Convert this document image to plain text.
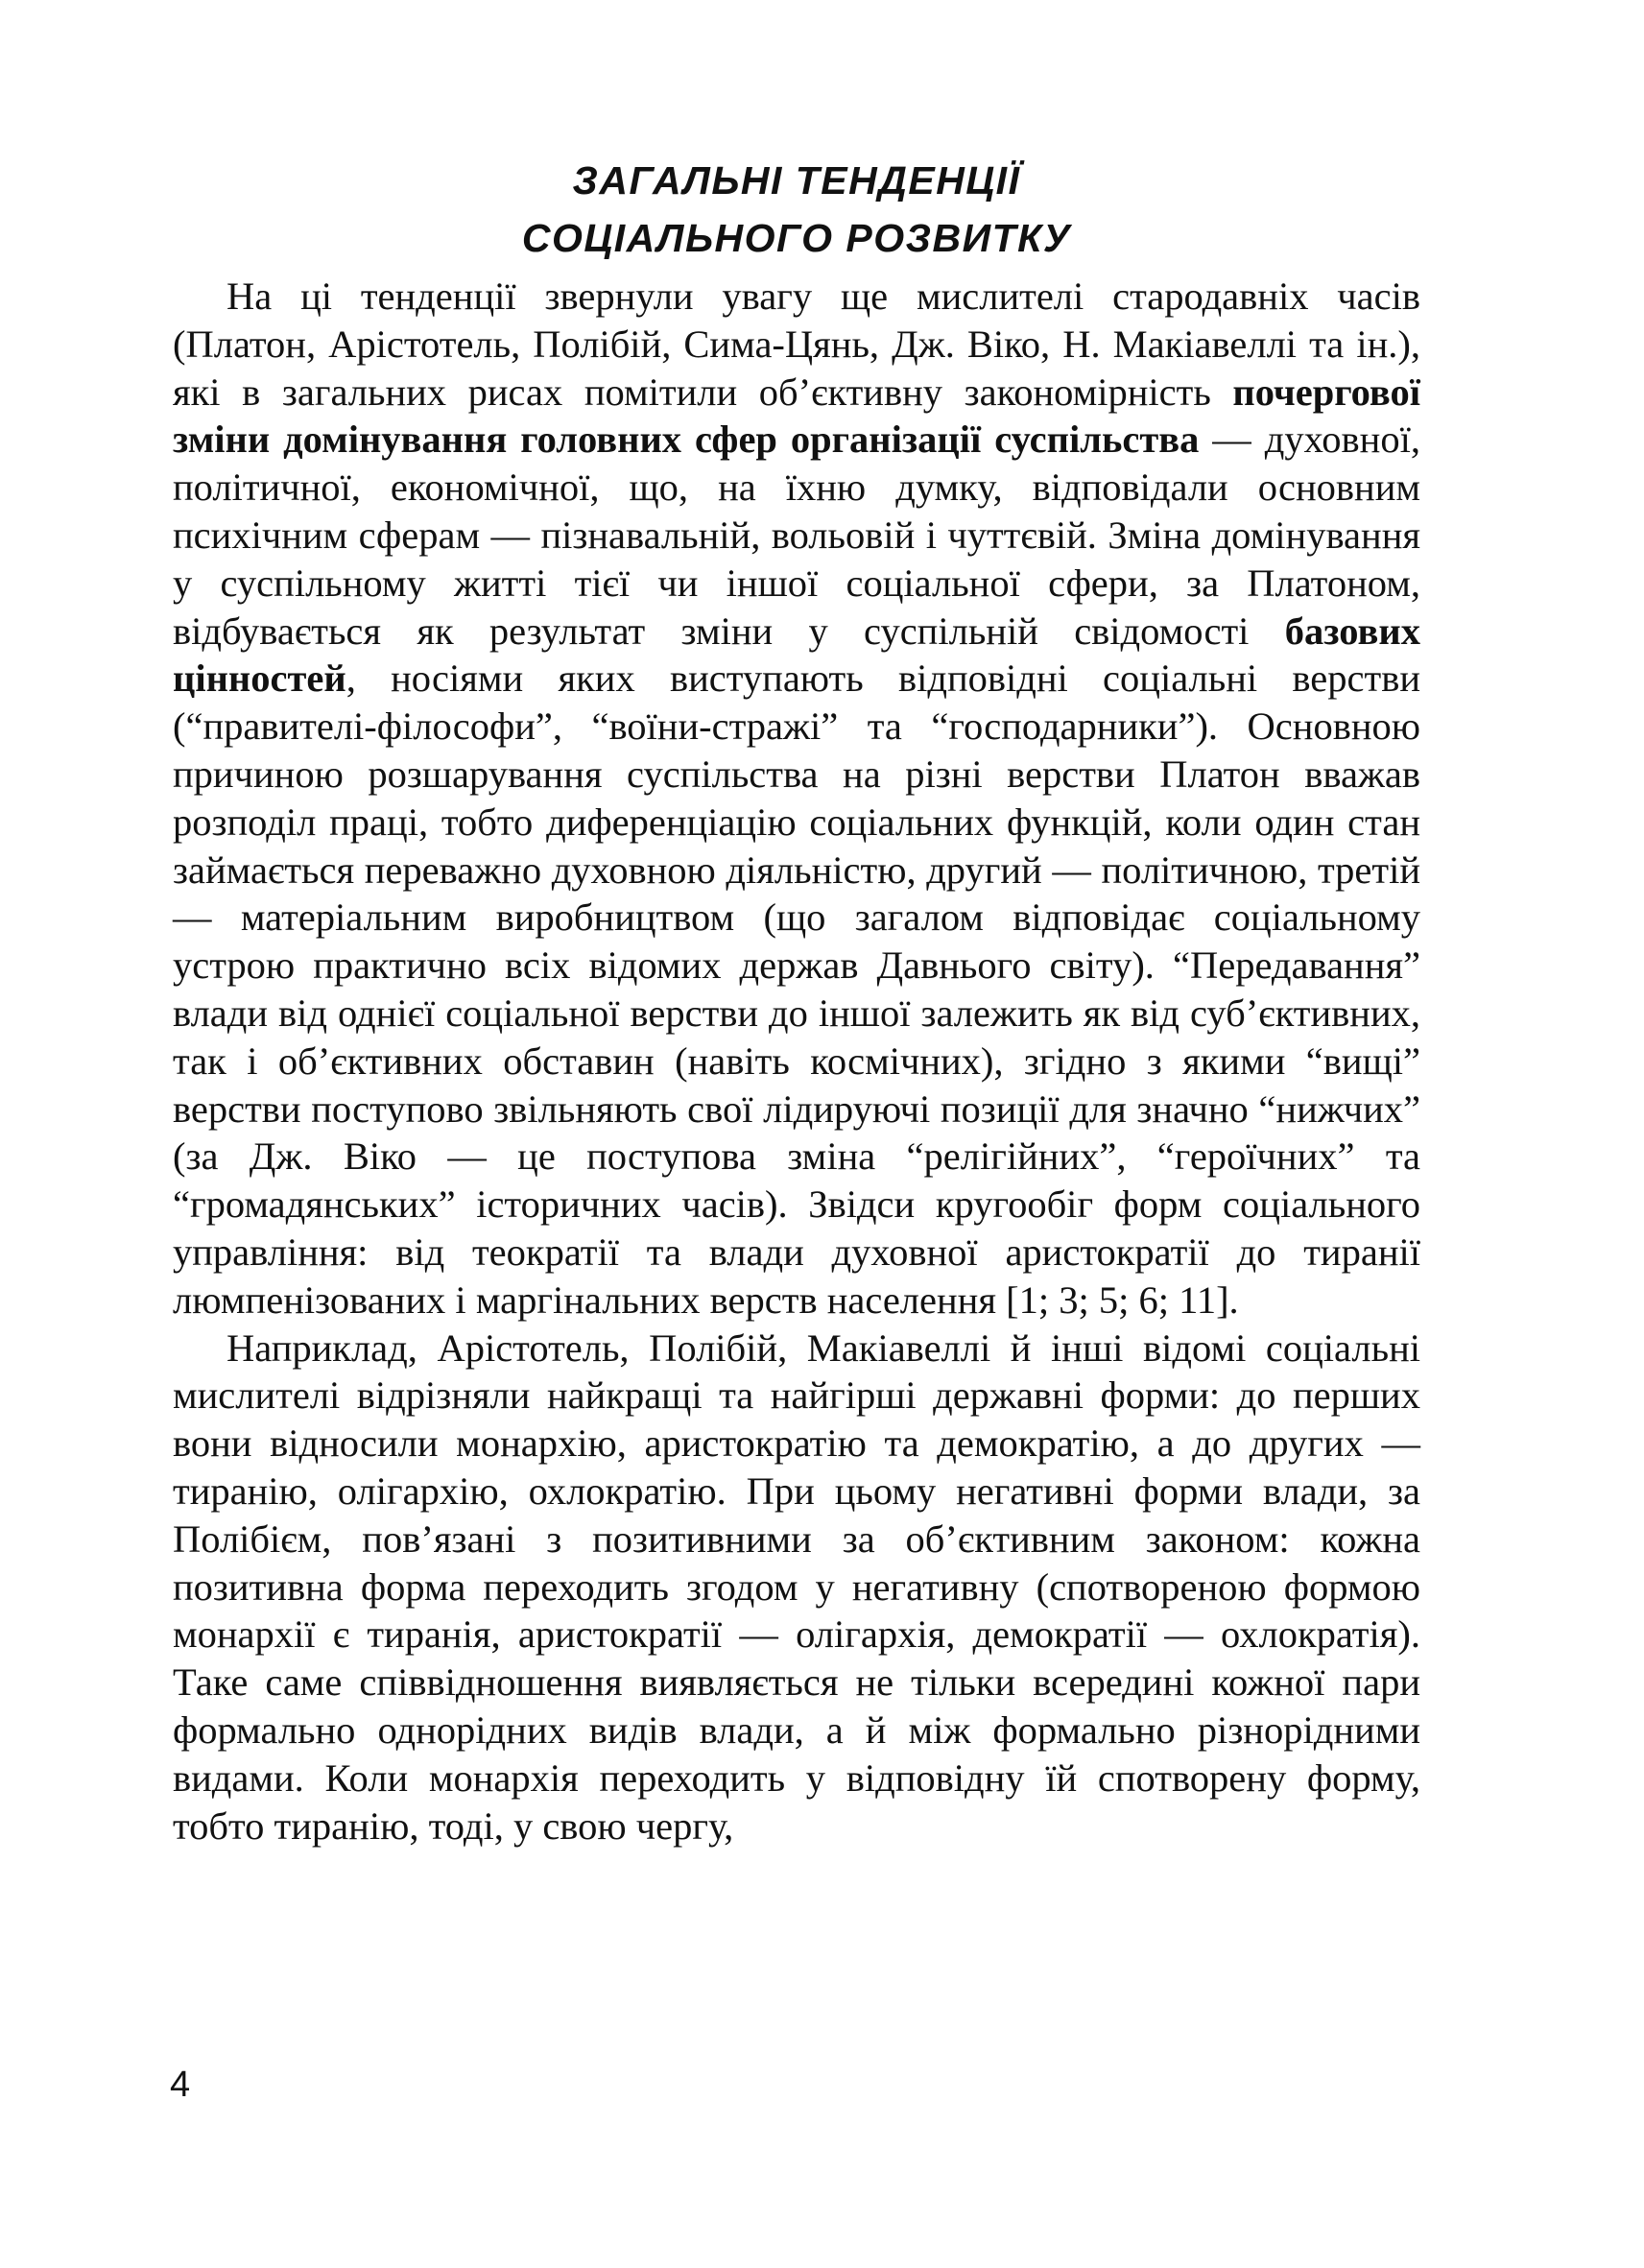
ЗАГАЛЬНІ ТЕНДЕНЦІЇ
СОЦІАЛЬНОГО РОЗВИТКУ

На ці тенденції звернули увагу ще мислителі стародавніх часів (Платон, Арістотель, Полібій, Сима-Цянь, Дж. Віко, Н. Макіавеллі та ін.), які в загальних рисах помітили об’єктивну закономірність почергової зміни домінування головних сфер організації суспільства — духовної, політичної, економічної, що, на їхню думку, відповідали основним психічним сферам — пізнавальній, вольовій і чуттєвій. Зміна домінування у суспільному житті тієї чи іншої соціальної сфери, за Платоном, відбувається як результат зміни у суспільній свідомості базових цінностей, носіями яких виступають відповідні соціальні верстви (“правителі-філософи”, “воїни-стражі” та “господарники”). Основною причиною розшарування суспільства на різні верстви Платон вважав розподіл праці, тобто диференціацію соціальних функцій, коли один стан займається переважно духовною діяльністю, другий — політичною, третій — матеріальним виробництвом (що загалом відповідає соціальному устрою практично всіх відомих держав Давнього світу). “Передавання” влади від однієї соціальної верстви до іншої залежить як від суб’єктивних, так і об’єктивних обставин (навіть космічних), згідно з якими “вищі” верстви поступово звільняють свої лідируючі позиції для значно “нижчих” (за Дж. Віко — це поступова зміна “релігійних”, “героїчних” та “громадянських” історичних часів). Звідси кругообіг форм соціального управління: від теократії та влади духовної аристократії до тиранії люмпенізованих і маргінальних верств населення [1; 3; 5; 6; 11].

Наприклад, Арістотель, Полібій, Макіавеллі й інші відомі соціальні мислителі відрізняли найкращі та найгірші державні форми: до перших вони відносили монархію, аристократію та демократію, а до других — тиранію, олігархію, охлократію. При цьому негативні форми влади, за Полібієм, пов’язані з позитивними за об’єктивним законом: кожна позитивна форма переходить згодом у негативну (спотвореною формою монархії є тиранія, аристократії — олігархія, демократії — охлократія). Таке саме співвідношення виявляється не тільки всередині кожної пари формально однорідних видів влади, а й між формально різнорідними видами. Коли монархія переходить у відповідну їй спотворену форму, тобто тиранію, тоді, у свою чергу,

4
